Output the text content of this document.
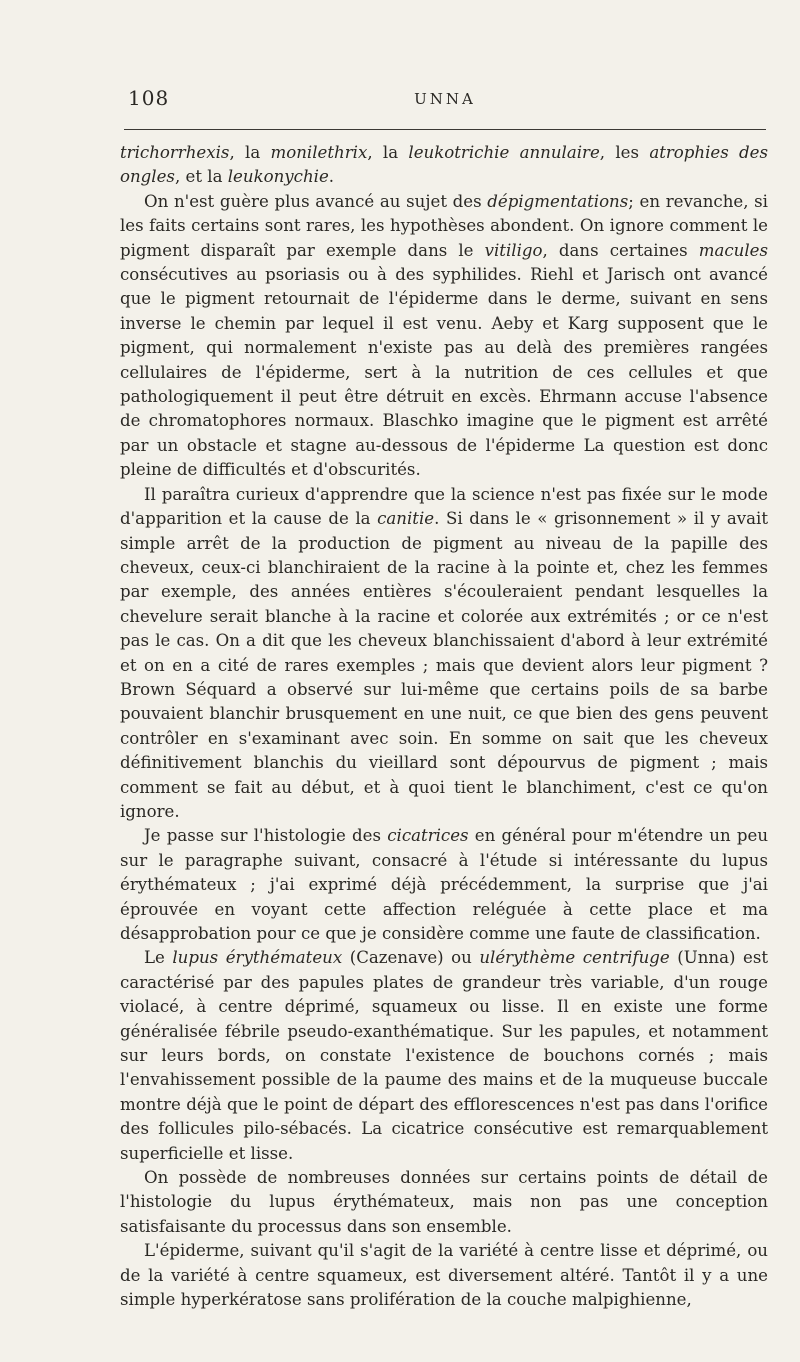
108	UNNA

trichorrhexis, la monilethrix, la leukotrichie annulaire, les atrophies des ongles, et la leukonychie.

On n'est guère plus avancé au sujet des dépigmentations; en revanche, si les faits certains sont rares, les hypothèses abondent. On ignore comment le pigment disparaît par exemple dans le vitiligo, dans certaines macules consécutives au psoriasis ou à des syphilides. Riehl et Jarisch ont avancé que le pigment retournait de l'épiderme dans le derme, suivant en sens inverse le chemin par lequel il est venu. Aeby et Karg supposent que le pigment, qui normalement n'existe pas au delà des premières rangées cellulaires de l'épiderme, sert à la nutrition de ces cellules et que pathologiquement il peut être détruit en excès. Ehrmann accuse l'absence de chromatophores normaux. Blaschko imagine que le pigment est arrêté par un obstacle et stagne au-dessous de l'épiderme La question est donc pleine de difficultés et d'obscurités.

Il paraîtra curieux d'apprendre que la science n'est pas fixée sur le mode d'apparition et la cause de la canitie. Si dans le « grisonnement » il y avait simple arrêt de la production de pigment au niveau de la papille des cheveux, ceux-ci blanchiraient de la racine à la pointe et, chez les femmes par exemple, des années entières s'écouleraient pendant lesquelles la chevelure serait blanche à la racine et colorée aux extrémités ; or ce n'est pas le cas. On a dit que les cheveux blanchissaient d'abord à leur extrémité et on en a cité de rares exemples ; mais que devient alors leur pigment ? Brown Séquard a observé sur lui-même que certains poils de sa barbe pouvaient blanchir brusquement en une nuit, ce que bien des gens peuvent contrôler en s'examinant avec soin. En somme on sait que les cheveux définitivement blanchis du vieillard sont dépourvus de pigment ; mais comment se fait au début, et à quoi tient le blanchiment, c'est ce qu'on ignore.

Je passe sur l'histologie des cicatrices en général pour m'étendre un peu sur le paragraphe suivant, consacré à l'étude si intéressante du lupus érythémateux ; j'ai exprimé déjà précédemment, la surprise que j'ai éprouvée en voyant cette affection reléguée à cette place et ma désapprobation pour ce que je considère comme une faute de classification.

Le lupus érythémateux (Cazenave) ou ulérythème centrifuge (Unna) est caractérisé par des papules plates de grandeur très variable, d'un rouge violacé, à centre déprimé, squameux ou lisse. Il en existe une forme généralisée fébrile pseudo-exanthématique. Sur les papules, et notamment sur leurs bords, on constate l'existence de bouchons cornés ; mais l'envahissement possible de la paume des mains et de la muqueuse buccale montre déjà que le point de départ des efflorescences n'est pas dans l'orifice des follicules pilo-sébacés. La cicatrice consécutive est remarquablement superficielle et lisse.

On possède de nombreuses données sur certains points de détail de l'histologie du lupus érythémateux, mais non pas une conception satisfaisante du processus dans son ensemble.

L'épiderme, suivant qu'il s'agit de la variété à centre lisse et déprimé, ou de la variété à centre squameux, est diversement altéré. Tantôt il y a une simple hyperkératose sans prolifération de la couche malpighienne,
